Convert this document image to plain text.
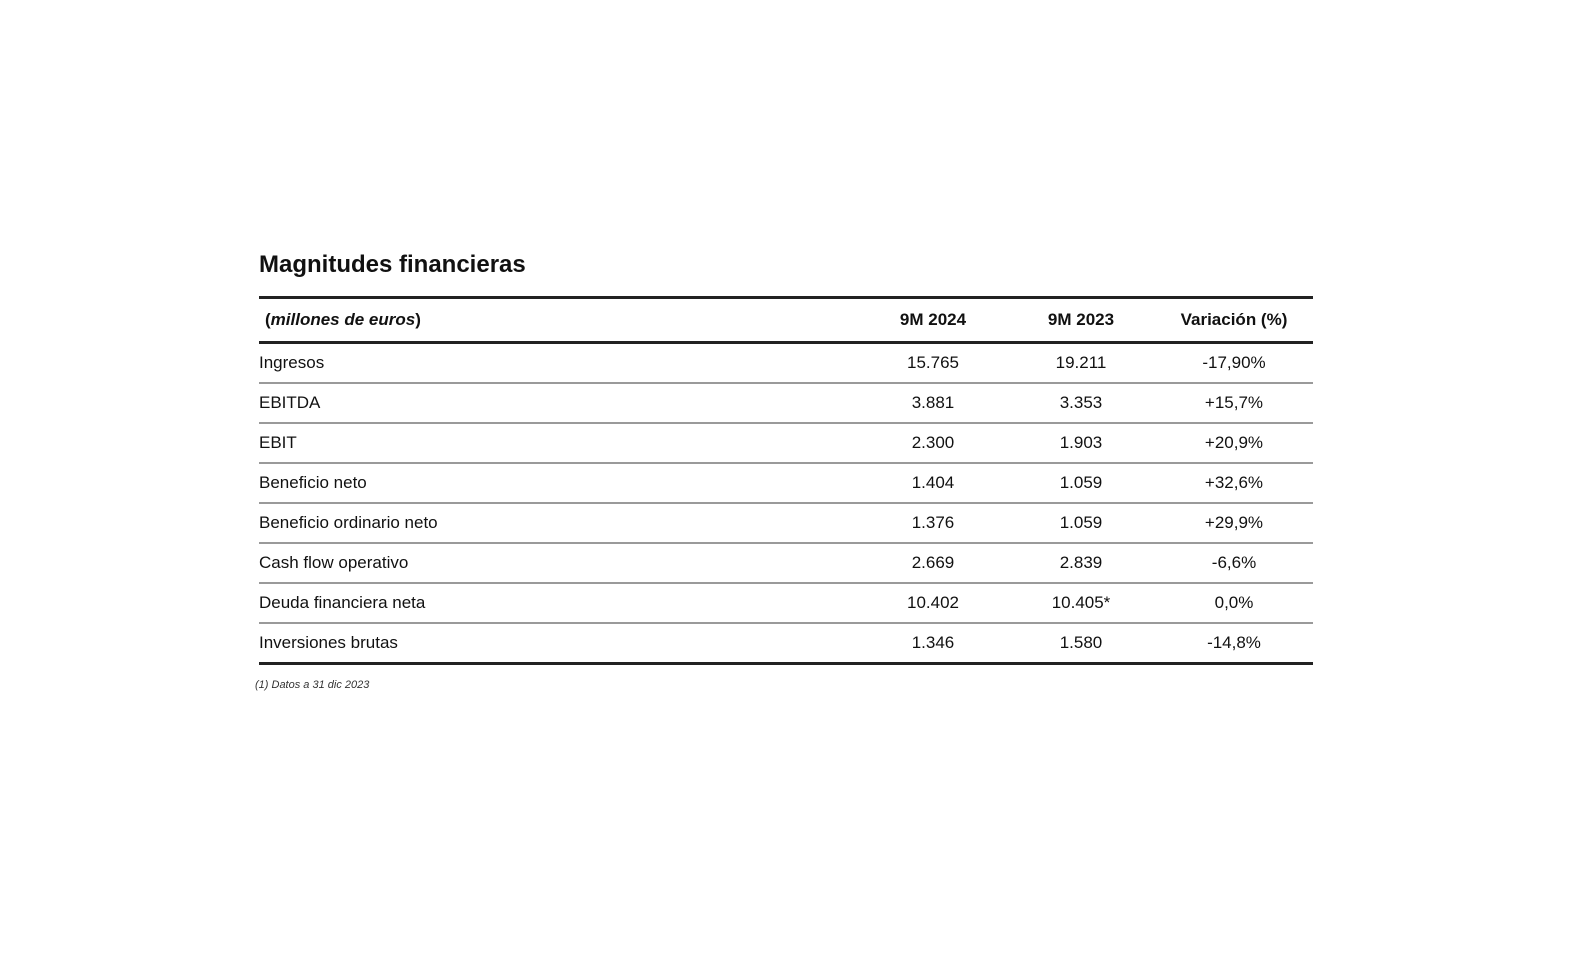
Magnitudes financieras
(millones de euros)	9M 2024	9M 2023	Variación (%)
Ingresos	15.765	19.211	-17,90%
EBITDA	3.881	3.353	+15,7%
EBIT	2.300	1.903	+20,9%
Beneficio neto	1.404	1.059	+32,6%
Beneficio ordinario neto	1.376	1.059	+29,9%
Cash flow operativo	2.669	2.839	-6,6%
Deuda financiera neta	10.402	10.405*	0,0%
Inversiones brutas	1.346	1.580	-14,8%
(1) Datos a 31 dic 2023
